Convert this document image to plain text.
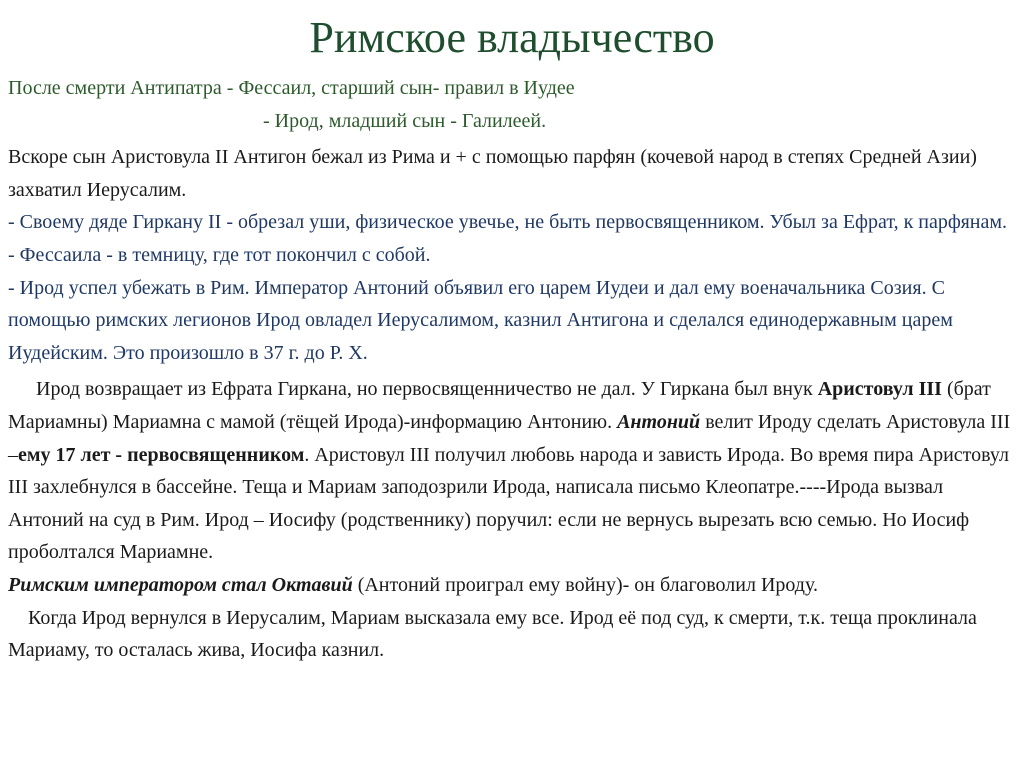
Римское владычество

После смерти Антипатра - Фессаил, старший сын- правил в Иудее

- Ирод, младший сын - Галилеей.

Вскоре сын Аристовула II Антигон бежал из Рима и + с помощью парфян (кочевой народ в степях Средней Азии) захватил Иерусалим.

- Своему дяде Гиркану II - обрезал уши, физическое увечье, не быть первосвященником. Убыл за Ефрат, к парфянам.

- Фессаила - в темницу, где тот покончил с собой.

- Ирод успел убежать в Рим. Император Антоний объявил его царем Иудеи и дал ему военачальника Созия. С помощью римских легионов Ирод овладел Иерусалимом, казнил Антигона и сделался единодержавным царем Иудейским. Это произошло в 37 г. до Р. Х.

Ирод возвращает из Ефрата Гиркана, но первосвященничество не дал. У Гиркана был внук Аристовул III (брат Мариамны) Мариамна с мамой (тёщей Ирода)-информацию Антонию. Антоний велит Ироду сделать Аристовула III –ему 17 лет - первосвященником. Аристовул III получил любовь народа и зависть Ирода. Во время пира Аристовул III захлебнулся в бассейне. Теща и Мариам заподозрили Ирода, написала письмо Клеопатре.----Ирода вызвал Антоний на суд в Рим. Ирод – Иосифу (родственнику) поручил: если не вернусь вырезать всю семью. Но Иосиф проболтался Мариамне.

Римским императором стал Октавий (Антоний проиграл ему войну)- он благоволил Ироду.

Когда Ирод вернулся в Иерусалим, Мариам высказала ему все. Ирод её под суд, к смерти, т.к. теща проклинала Мариаму, то осталась жива, Иосифа казнил.
